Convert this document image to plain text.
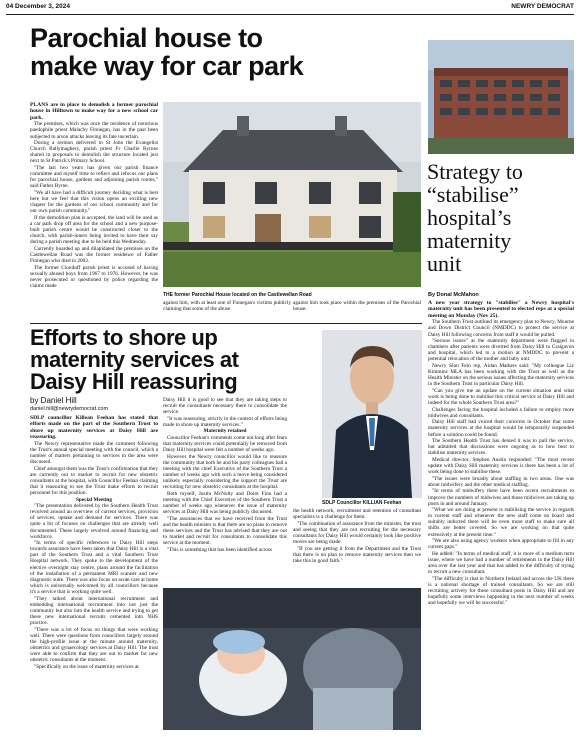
04 December 3, 2024	NEWRY DEMOCRAT
Parochial house to
make way for car park

PLANS are in place to demolish a former parochial house in Hilltown to make way for a new school car park.

The premises, which was once the residence of notorious paedophile priest Malachy Finnegan, has in the past been subjected to arson attacks leaving its fate uncertain.

During a sermon delivered in St John the Evangelist Church Ballymaghery, parish priest Fr Charlie Byrnes shared in proposals to demolish the structure located just next to St Patrick's Primary School.

"The last two years has given our parish finance committee and myself time to reflect and refocus our plans for parochial house, gardens and adjoining parish rooms," said Father Byrne.

"We all have had a difficult journey deciding what is best here but we feel that this vision opens an exciting new chapter for the gardens of our school community and for our own parish community."

If the demolition plan is accepted, the land will be used as a car park drop off area for the school and a new purpose-built parish centre would be constructed closer to the church, with parish-ioners being invited to have their say during a parish meeting due to be held this Wednesday.

Currently boarded up and dilapidated the premises on the Castlewellan Road was the former residence of Father Finnegan who died in 2002.

The former Clonduff parish priest is accused of having sexually abused boys from 1967 to 1976. However, he was never prosecuted or questioned by police regarding the claims made

THE former Parochial House located on the Castlewellan Road

against him, with at least one of Finnegan's victims publicly claiming that some of the abuse

against him took place within the premises of the Parochial house.

Strategy to
“stabilise”
hospital’s
maternity
unit
By Donal McMahon

A new year strategy to "stabilise" a Newry hospital's maternity unit has been presented to elected reps at a special meeting on Monday (Nov 25).

The Southern Trust outlined its emergency plan to Newry, Mourne and Down District Council (NMDDC) to protect the service at Daisy Hill following concerns from staff it would be pulled.

"Serious issues" at the maternity department were flagged in chambers after patients were diverted from Daisy Hill to Craigavon and hospital, which led to a motion at NMDDC to prevent a potential relocation of the mother and baby unit.

Newry Sinn Fein rep, Aidan Mathers said: "My colleague Liz Kimmins MLA has been working with the Trust as well as the Health Minister on the serious issues affecting the maternity services in the Southern Trust in particular Daisy Hill.

"Can you give me an update on the current situation and what work is being done to stabilise this critical service at Daisy Hill and indeed for the whole Southern Trust area?"

Challenges facing the hospital included a failure to employ more midwives and consultants.

Daisy Hill staff had voiced their concerns in October that some maternity services at the hospital would be temporarily suspended before a solution could be found.

The Southern Health Trust has denied it was to pull the service, but admitted that discussions were ongoing as to how best to stabilise maternity services.

Medical director, Stephen Austin responded: "The most recent update with Daisy Hill maternity services is there has been a lot of work being done to stabilise these.

"The issues were broadly about staffing in two areas. One was about midwifery and the other medical staffing.

"In terms of midwifery there have been recent recruitments to improve the numbers of midwives and those midwives are taking up posts in and around January.

"What we are doing at present is stabilising the service in regards to current staff and whenever the new staff come on board and suitably inducted there will be even more staff to make sure all shifts are better covered. So we are working on that quite extensively at the present time."

"We are also using agency workers when appropriate to fill in any current gaps."

He added: "In terms of medical staff, it is more of a medium term issue, where we have had a number of retirements in the Daisy Hill area over the last year and that has added to the difficulty of trying to recruit a new consultant.

"The difficulty is that in Northern Ireland and across the UK there is a national shortage of trained consultants. So we are still recruiting actively for these consultant posts in Daisy Hill and are hopefully some interviews happening in the next number of weeks and hopefully we will be successful."

Efforts to shore up
maternity services at
Daisy Hill reassuring
by Daniel Hill
daniel.hill@newrydemocrat.com

SDLP councillor Killean Feehan has stated that efforts made on the part of the Southern Trust to shore up maternity services at Daisy Hill are reassuring.

The Newry representative made the comment following the Trust's annual special meeting with the council, which a number of matters pertaining to services in the area were discussed.

Chief amongst them was the Trust's confirmation that they are currently out to market to recruit for new obstetric consultants at the hospital, with Councillor Feehan claiming that it reassuring to see the Trust make efforts to recruit personnel for this position.

Special Meeting

"The presentation delivered by the Southern Health Trust revolved around an overview of current services, provision of services, uptake and demand for services. There was quite a bit of focuses on challenges that are already well documented. These largely revolved around financing and workforce.

"In terms of specific references to Daisy Hill steps towards assurance have been taken that Daisy Hill is a vital part of the Southern Trust and a vital Southern Trust Hospital network. They spoke to the development of the elective overnight stay centre, plans around the facilitation of the installation of a permanent MRI scanner and new diagnostic suite. There was also focus on acute care at home which is universally welcomed by all councillors because it's a service that is working quite well.

"They talked about international recruitment and embedding international recruitment into not just the community but also into the health service and trying to get these new international recruits cemented into NHS practice.

"There was a lot of focus on things that were working well. There were questions from councillors largely around the high-profile issue at the minute around maternity, obstetrics and gynaecology services at Daisy Hill. The trust were able to confirm that they are out to market for new obstetric consultants at the moment.

"Specifically on the issue of maternity services at

Daisy Hill it is good to see that they are taking steps to recruit the consultants necessary there to consolidate the service.

"It was reassuring, strictly in the context of efforts being made to shore up maternity services."

Maternity retained

Councillor Feehan's comments come not long after fears that maternity services could potentially be removed from Daisy Hill hospital were felt a number of weeks ago.

However the Newry councillor would like to reassure the community that both he and his party colleagues had a meeting with the chief Executive of the Southern Trust a number of weeks ago with such a move being considered unlikely especially considering the support the Trust are recruiting for new obstetric consultants at the hospital.

Both myself, Justin McNulty and Doire Finn had a meeting with the Chief Executive of the Southern Trust a number of weeks ago whenever the issue of maternity services at Daisy Hill was being publicly discussed.

"The assurances that we have received from the Trust and the health minister is that there are no plans to remove these services and the Trust has advised that they are out to market and recruit for consultants to consolidate this service at the moment.

"This is something that has been identified across

SDLP Councillor KILLIAN Feehan

the health network, recruitment and retention of consultant specialists is a challenge for them.

"The combination of assurance from the minister, the trust and seeing that they are out recruiting for the necessary consultants for Daisy Hill would certainly look like positive moves are being made.

"If you are getting it from the Department and the Trust that there is no plan to remove maternity services then we take this in good faith."
